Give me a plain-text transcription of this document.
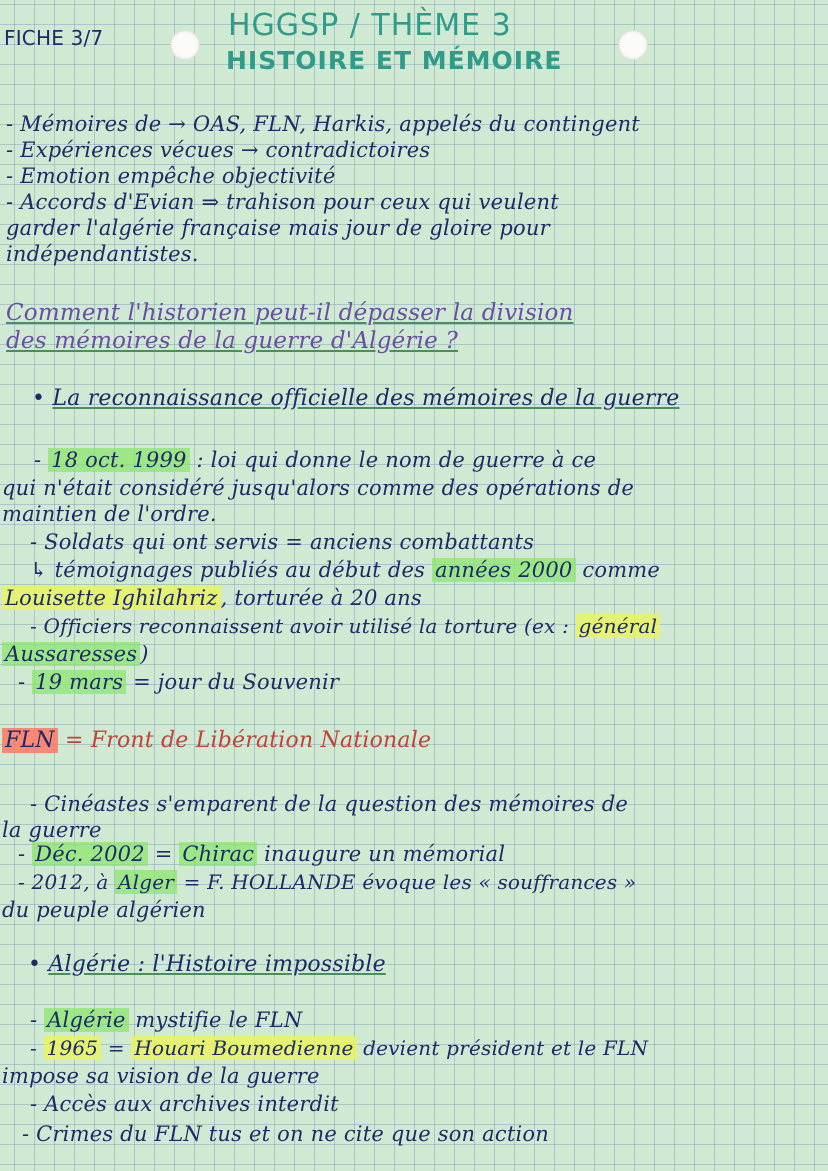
FICHE 3/7	HGGSP / THÈME 3
HISTOIRE ET MÉMOIRE
- Mémoires de → OAS, FLN, Harkis, appelés du contingent
- Expériences vécues → contradictoires
- Emotion empêche objectivité
- Accords d'Evian ⇒ trahison pour ceux qui veulent
garder l'algérie française mais jour de gloire pour
indépendantistes.
Comment l'historien peut-il dépasser la division
des mémoires de la guerre d'Algérie ?
• La reconnaissance officielle des mémoires de la guerre
- 18 oct. 1999 : loi qui donne le nom de guerre à ce
qui n'était considéré jusqu'alors comme des opérations de
maintien de l'ordre.
- Soldats qui ont servis = anciens combattants
↳ témoignages publiés au début des années 2000 comme
Louisette Ighilahriz , torturée à 20 ans
- Officiers reconnaissent avoir utilisé la torture (ex : général
Aussaresses )
- 19 mars = jour du Souvenir
FLN = Front de Libération Nationale
- Cinéastes s'emparent de la question des mémoires de
la guerre
- Déc. 2002 = Chirac inaugure un mémorial
- 2012, à Alger = F. HOLLANDE évoque les « souffrances »
du peuple algérien
• Algérie : l'Histoire impossible
- Algérie mystifie le FLN
- 1965 = Houari Boumedienne devient président et le FLN
impose sa vision de la guerre
- Accès aux archives interdit
- Crimes du FLN tus et on ne cite que son action
